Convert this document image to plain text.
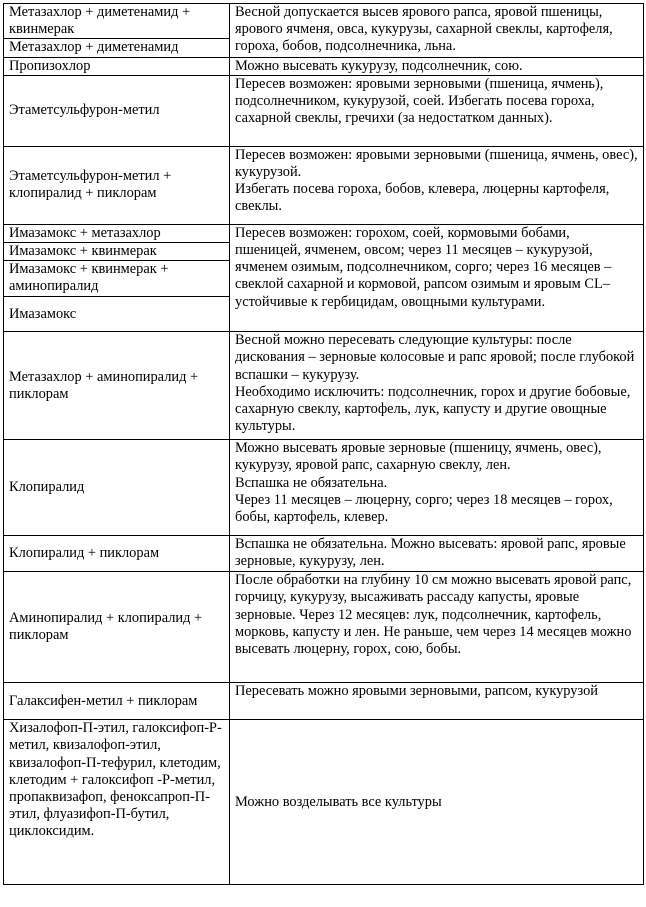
Метазахлор + диметенамид + квинмерак	Весной допускается высев ярового рапса, яровой пшеницы, ярового ячменя, овса, кукурузы, сахарной свеклы, картофеля, гороха, бобов, подсолнечника, льна.
Метазахлор + диметенамид	
Пропизохлор	Можно высевать кукурузу, подсолнечник, сою.
Этаметсульфурон-метил	Пересев возможен: яровыми зерновыми (пшеница, ячмень), подсолнечником, кукурузой, соей. Избегать посева гороха, сахарной свеклы, гречихи (за недостатком данных).
Этаметсульфурон-метил + клопиралид + пиклорам	Пересев возможен: яровыми зерновыми (пшеница, ячмень, овес), кукурузой.
Избегать посева гороха, бобов, клевера, люцерны картофеля, свеклы.
Имазамокс + метазахлор	Пересев возможен: горохом, соей, кормовыми бобами, пшеницей, ячменем, овсом; через 11 месяцев – кукурузой, ячменем озимым, подсолнечником, сорго; через 16 месяцев – свеклой сахарной и кормовой, рапсом озимым и яровым CL– устойчивые к гербицидам, овощными культурами.
Имазамокс + квинмерак	
Имазамокс + квинмерак + аминопиралид	
Имазамокс	
Метазахлор + аминопиралид + пиклорам	Весной можно пересевать следующие культуры: после дискования – зерновые колосовые и рапс яровой; после глубокой вспашки – кукурузу.
Необходимо исключить: подсолнечник, горох и другие бобовые, сахарную свеклу, картофель, лук, капусту и другие овощные культуры.
Клопиралид	Можно высевать яровые зерновые (пшеницу, ячмень, овес), кукурузу, яровой рапс, сахарную свеклу, лен.
Вспашка не обязательна.
Через 11 месяцев – люцерну, сорго; через 18 месяцев – горох, бобы, картофель, клевер.
Клопиралид + пиклорам	Вспашка не обязательна. Можно высевать: яровой рапс, яровые зерновые, кукурузу, лен.
Аминопиралид + клопиралид + пиклорам	После обработки на глубину 10 см можно высевать яровой рапс, горчицу, кукурузу, высаживать рассаду капусты, яровые зерновые. Через 12 месяцев: лук, подсолнечник, картофель, морковь, капусту и лен. Не раньше, чем через 14 месяцев можно высевать люцерну, горох, сою, бобы.
Галаксифен-метил + пиклорам	Пересевать можно яровыми зерновыми, рапсом, кукурузой
Хизалофоп-П-этил, галоксифоп-Р-метил, квизалофоп-этил, квизалофоп-П-тефурил, клетодим, клетодим + галоксифоп -Р-метил, пропаквизафоп, феноксапроп-П-этил, флуазифоп-П-бутил, циклоксидим.	Можно возделывать все культуры
